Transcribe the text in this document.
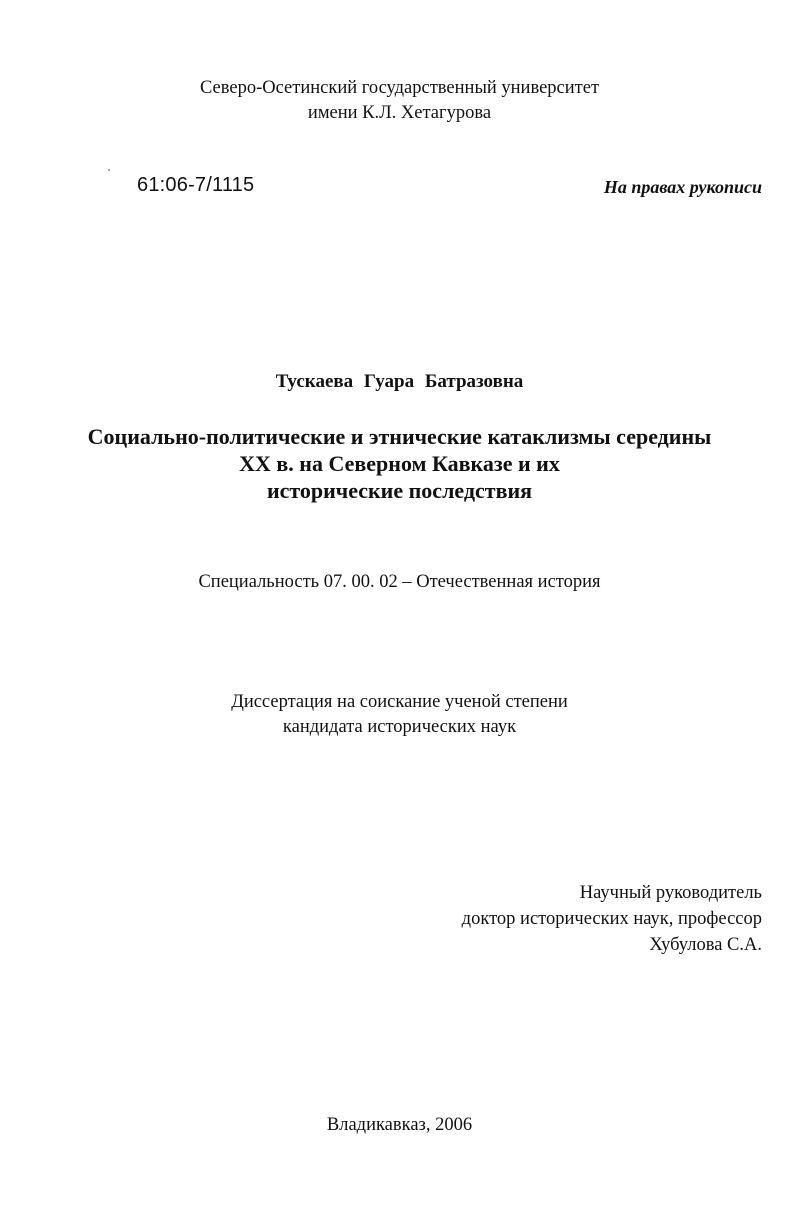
Северо-Осетинский государственный университет
имени К.Л. Хетагурова
61:06-7/1115	На правах рукописи
Тускаева Гуара Батразовна
Социально-политические и этнические катаклизмы середины
XX в. на Северном Кавказе и их
исторические последствия
Специальность 07. 00. 02 – Отечественная история
Диссертация на соискание ученой степени
кандидата исторических наук
Научный руководитель
доктор исторических наук, профессор
Хубулова С.А.
Владикавказ, 2006
